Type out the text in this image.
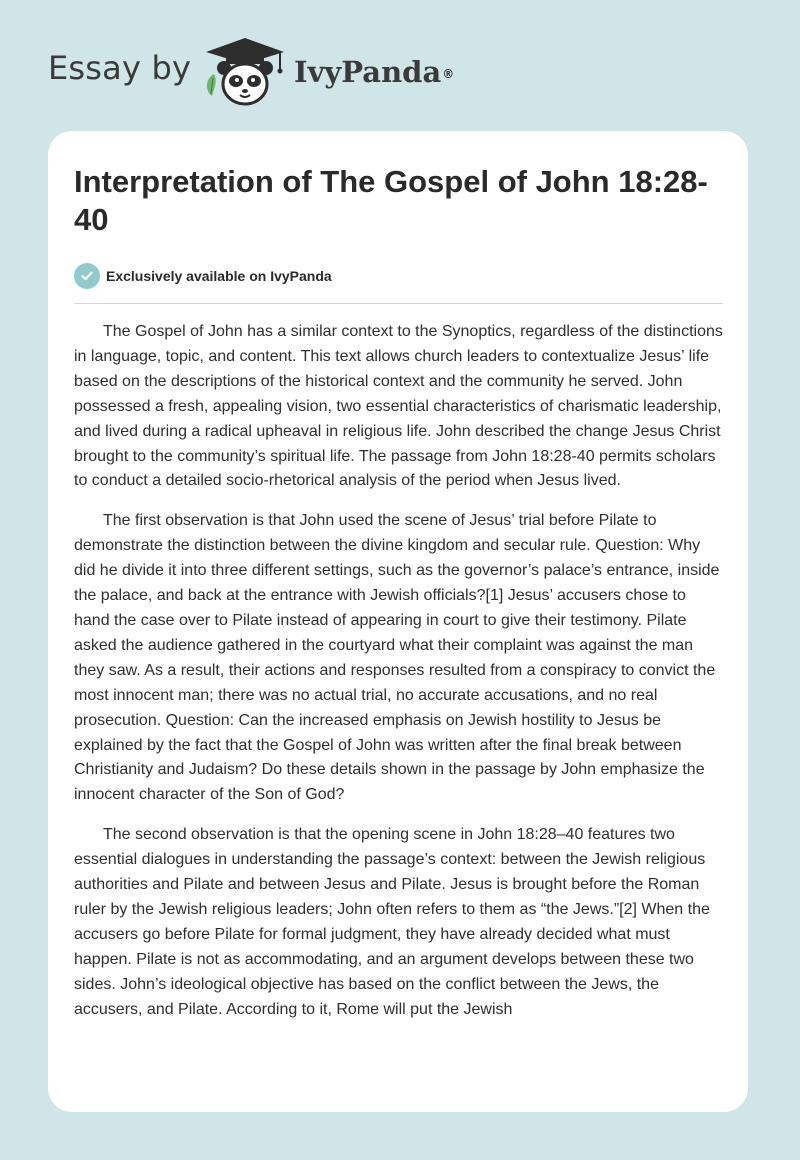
Essay by	IvyPanda®
Interpretation of The Gospel of John 18:28-40
Exclusively available on IvyPanda

The Gospel of John has a similar context to the Synoptics, regardless of the distinctions in language, topic, and content. This text allows church leaders to contextualize Jesus’ life based on the descriptions of the historical context and the community he served. John possessed a fresh, appealing vision, two essential characteristics of charismatic leadership, and lived during a radical upheaval in religious life. John described the change Jesus Christ brought to the community’s spiritual life. The passage from John 18:28-40 permits scholars to conduct a detailed socio-rhetorical analysis of the period when Jesus lived.

The first observation is that John used the scene of Jesus’ trial before Pilate to demonstrate the distinction between the divine kingdom and secular rule. Question: Why did he divide it into three different settings, such as the governor’s palace’s entrance, inside the palace, and back at the entrance with Jewish officials?[1] Jesus’ accusers chose to hand the case over to Pilate instead of appearing in court to give their testimony. Pilate asked the audience gathered in the courtyard what their complaint was against the man they saw. As a result, their actions and responses resulted from a conspiracy to convict the most innocent man; there was no actual trial, no accurate accusations, and no real prosecution. Question: Can the increased emphasis on Jewish hostility to Jesus be explained by the fact that the Gospel of John was written after the final break between Christianity and Judaism? Do these details shown in the passage by John emphasize the innocent character of the Son of God?

The second observation is that the opening scene in John 18:28–40 features two essential dialogues in understanding the passage’s context: between the Jewish religious authorities and Pilate and between Jesus and Pilate. Jesus is brought before the Roman ruler by the Jewish religious leaders; John often refers to them as “the Jews.”[2] When the accusers go before Pilate for formal judgment, they have already decided what must happen. Pilate is not as accommodating, and an argument develops between these two sides. John’s ideological objective has based on the conflict between the Jews, the accusers, and Pilate. According to it, Rome will put the Jewish
